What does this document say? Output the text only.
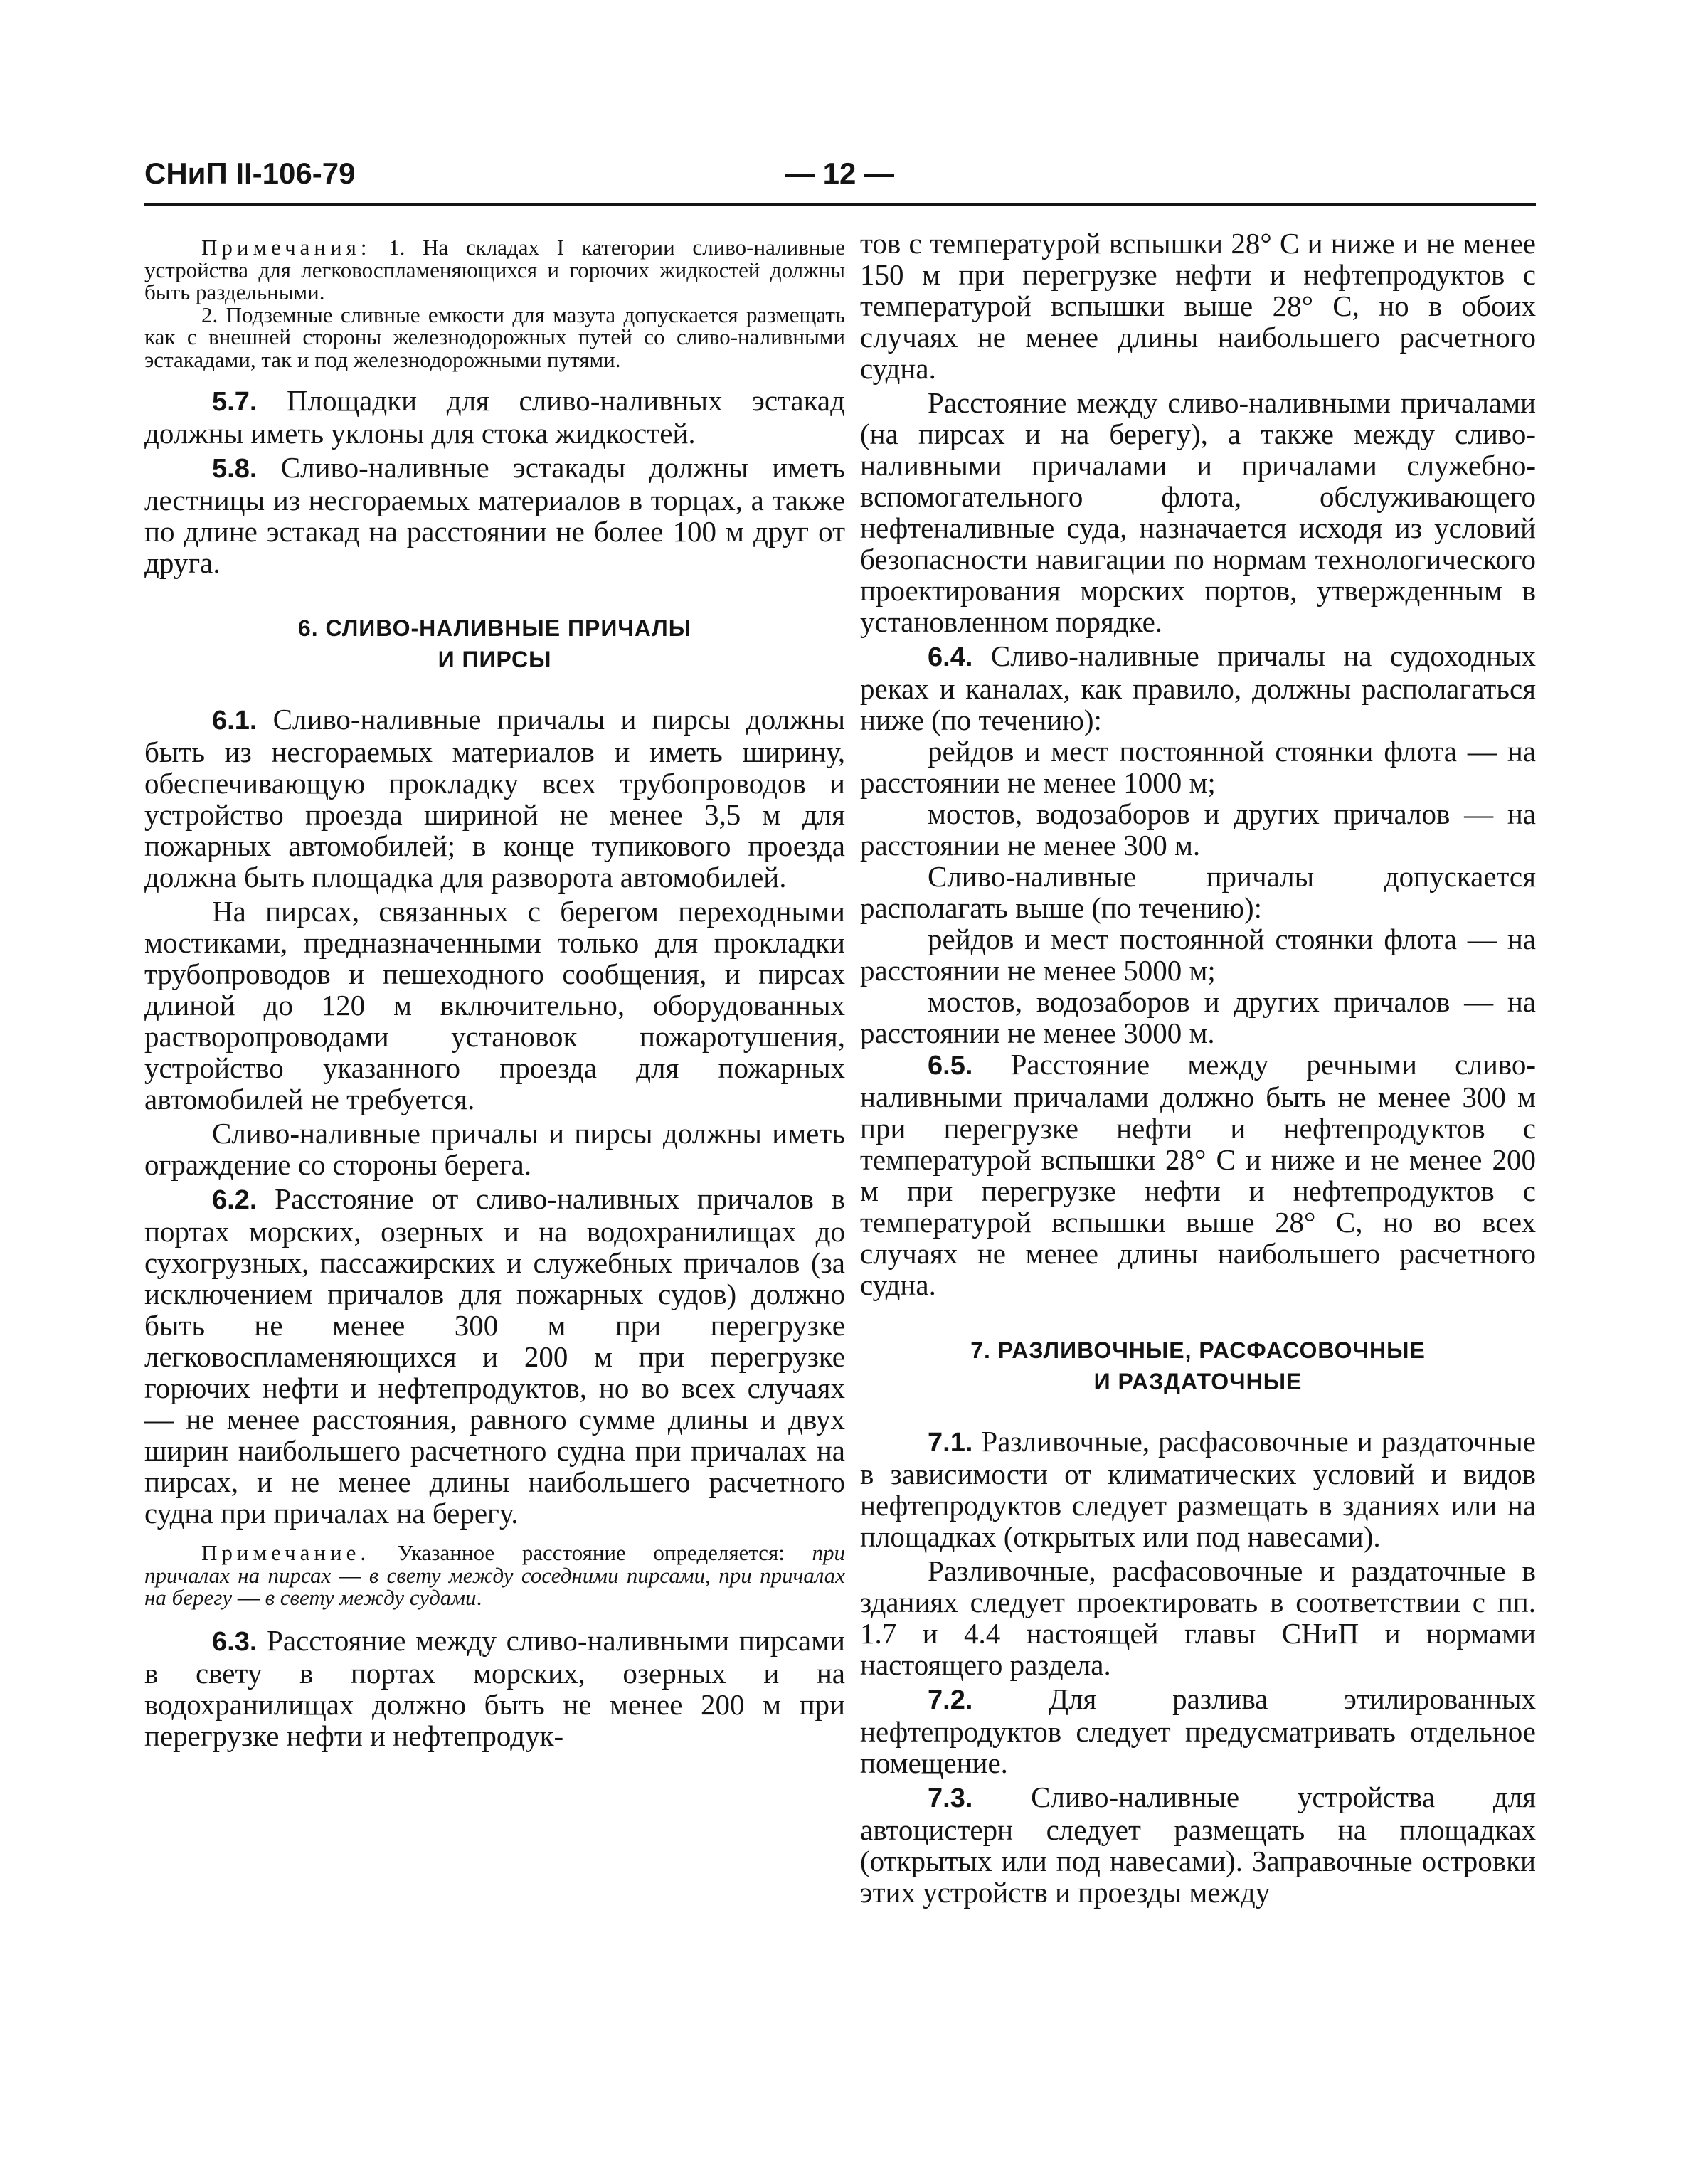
СНиП II-106-79	— 12 —

Примечания: 1. На складах I категории сливо-наливные устройства для легковоспламеняющихся и горючих жидкостей должны быть раздельными.

2. Подземные сливные емкости для мазута допускается размещать как с внешней стороны железнодорожных путей со сливо-наливными эстакадами, так и под железнодорожными путями.

5.7. Площадки для сливо-наливных эстакад должны иметь уклоны для стока жидкостей.

5.8. Сливо-наливные эстакады должны иметь лестницы из несгораемых материалов в торцах, а также по длине эстакад на расстоянии не более 100 м друг от друга.

6. СЛИВО-НАЛИВНЫЕ ПРИЧАЛЫ

И ПИРСЫ

6.1. Сливо-наливные причалы и пирсы должны быть из несгораемых материалов и иметь ширину, обеспечивающую прокладку всех трубопроводов и устройство проезда шириной не менее 3,5 м для пожарных автомобилей; в конце тупикового проезда должна быть площадка для разворота автомобилей.

На пирсах, связанных с берегом переходными мостиками, предназначенными только для прокладки трубопроводов и пешеходного сообщения, и пирсах длиной до 120 м включительно, оборудованных растворопроводами установок пожаротушения, устройство указанного проезда для пожарных автомобилей не требуется.

Сливо-наливные причалы и пирсы должны иметь ограждение со стороны берега.

6.2. Расстояние от сливо-наливных причалов в портах морских, озерных и на водохранилищах до сухогрузных, пассажирских и служебных причалов (за исключением причалов для пожарных судов) должно быть не менее 300 м при перегрузке легковоспламеняющихся и 200 м при перегрузке горючих нефти и нефтепродуктов, но во всех случаях — не менее расстояния, равного сумме длины и двух ширин наибольшего расчетного судна при причалах на пирсах, и не менее длины наибольшего расчетного судна при причалах на берегу.

Примечание. Указанное расстояние определяется: при причалах на пирсах — в свету между соседними пирсами, при причалах на берегу — в свету между судами.

6.3. Расстояние между сливо-наливными пирсами в свету в портах морских, озерных и на водохранилищах должно быть не менее 200 м при перегрузке нефти и нефтепродук-

тов с температурой вспышки 28° С и ниже и не менее 150 м при перегрузке нефти и нефтепродуктов с температурой вспышки выше 28° С, но в обоих случаях не менее длины наибольшего расчетного судна.

Расстояние между сливо-наливными причалами (на пирсах и на берегу), а также между сливо-наливными причалами и причалами служебно-вспомогательного флота, обслуживающего нефтеналивные суда, назначается исходя из условий безопасности навигации по нормам технологического проектирования морских портов, утвержденным в установленном порядке.

6.4. Сливо-наливные причалы на судоходных реках и каналах, как правило, должны располагаться ниже (по течению):

рейдов и мест постоянной стоянки флота — на расстоянии не менее 1000 м;

мостов, водозаборов и других причалов — на расстоянии не менее 300 м.

Сливо-наливные причалы допускается располагать выше (по течению):

рейдов и мест постоянной стоянки флота — на расстоянии не менее 5000 м;

мостов, водозаборов и других причалов — на расстоянии не менее 3000 м.

6.5. Расстояние между речными сливо-наливными причалами должно быть не менее 300 м при перегрузке нефти и нефтепродуктов с температурой вспышки 28° С и ниже и не менее 200 м при перегрузке нефти и нефтепродуктов с температурой вспышки выше 28° С, но во всех случаях не менее длины наибольшего расчетного судна.

7. РАЗЛИВОЧНЫЕ, РАСФАСОВОЧНЫЕ

И РАЗДАТОЧНЫЕ

7.1. Разливочные, расфасовочные и раздаточные в зависимости от климатических условий и видов нефтепродуктов следует размещать в зданиях или на площадках (открытых или под навесами).

Разливочные, расфасовочные и раздаточные в зданиях следует проектировать в соответствии с пп. 1.7 и 4.4 настоящей главы СНиП и нормами настоящего раздела.

7.2. Для разлива этилированных нефтепродуктов следует предусматривать отдельное помещение.

7.3. Сливо-наливные устройства для автоцистерн следует размещать на площадках (открытых или под навесами). Заправочные островки этих устройств и проезды между
